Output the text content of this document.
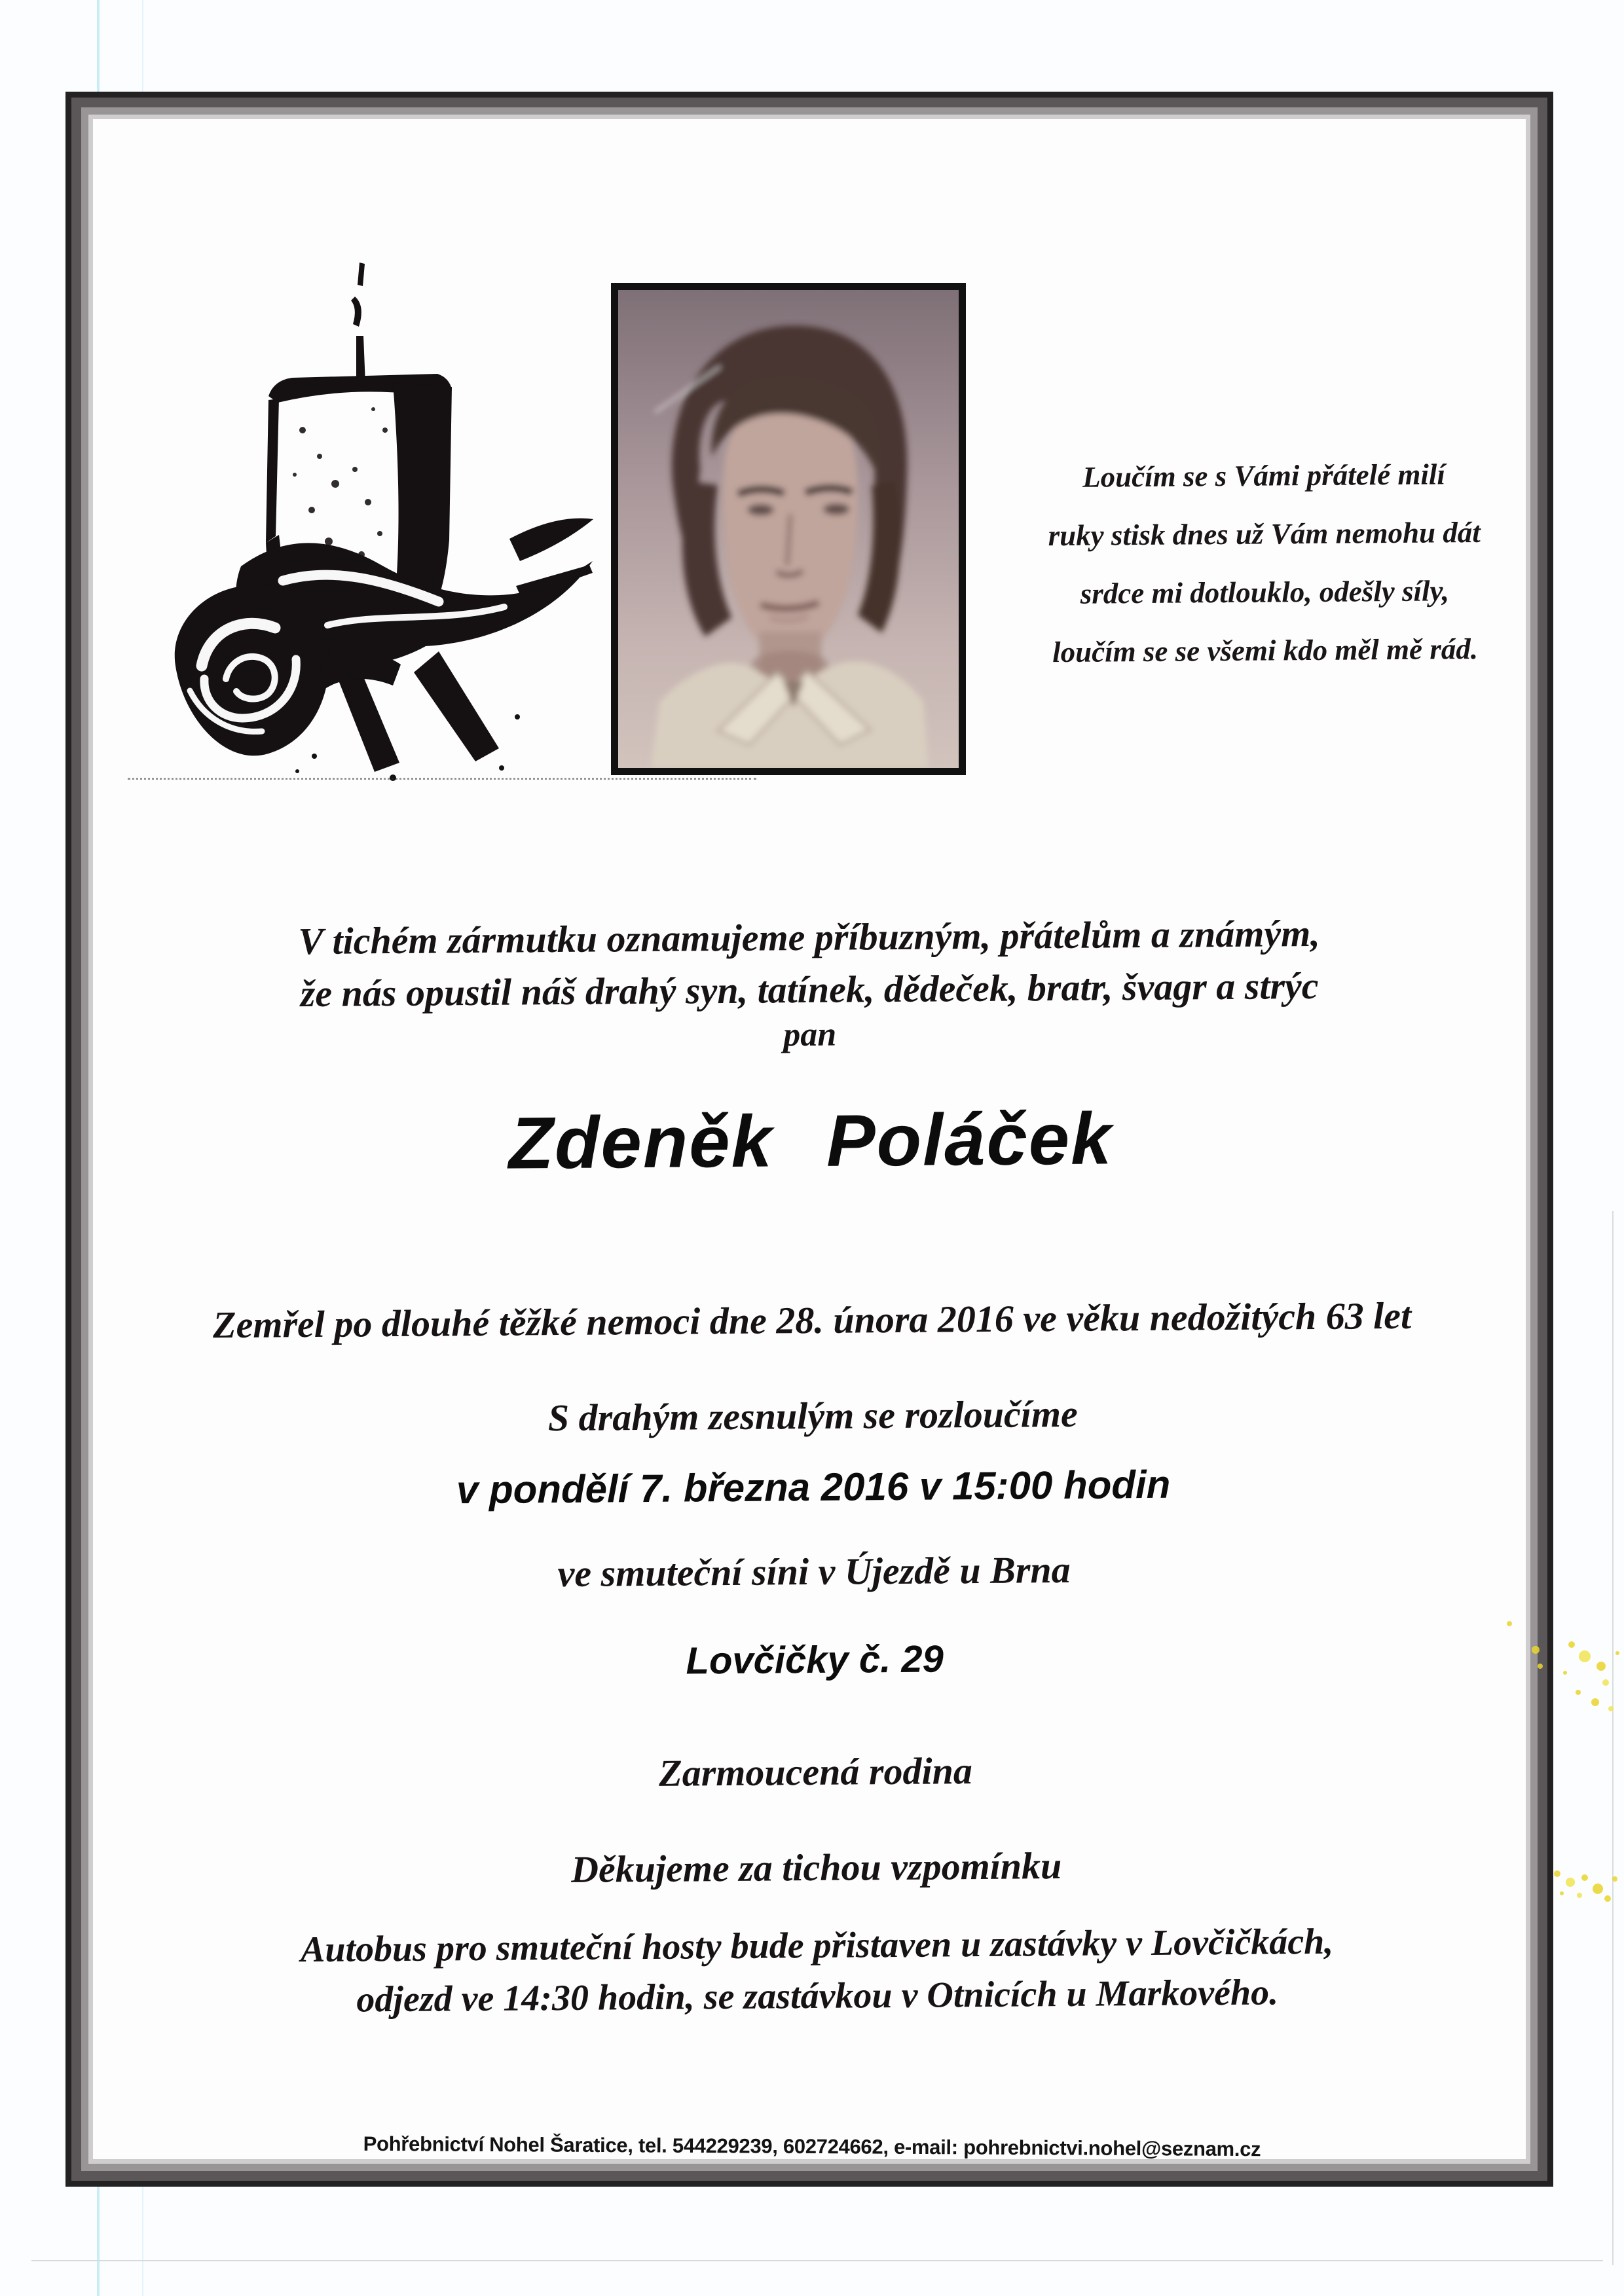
Loučím se s Vámi přátelé milí
ruky stisk dnes už Vám nemohu dát
srdce mi dotlouklo, odešly síly,
loučím se se všemi kdo měl mě rád.
V tichém zármutku oznamujeme příbuzným, přátelům a známým,
že nás opustil náš drahý syn, tatínek, dědeček, bratr, švagr a strýc
pan
Zdeněk Poláček
Zemřel po dlouhé těžké nemoci dne 28. února 2016 ve věku nedožitých 63 let
S drahým zesnulým se rozloučíme
v pondělí 7. března 2016 v 15:00 hodin
ve smuteční síni v Újezdě u Brna
Lovčičky č. 29
Zarmoucená rodina
Děkujeme za tichou vzpomínku
Autobus pro smuteční hosty bude přistaven u zastávky v Lovčičkách,
odjezd ve 14:30 hodin, se zastávkou v Otnicích u Markového.
Pohřebnictví Nohel Šaratice, tel. 544229239, 602724662, e-mail: pohrebnictvi.nohel@seznam.cz
